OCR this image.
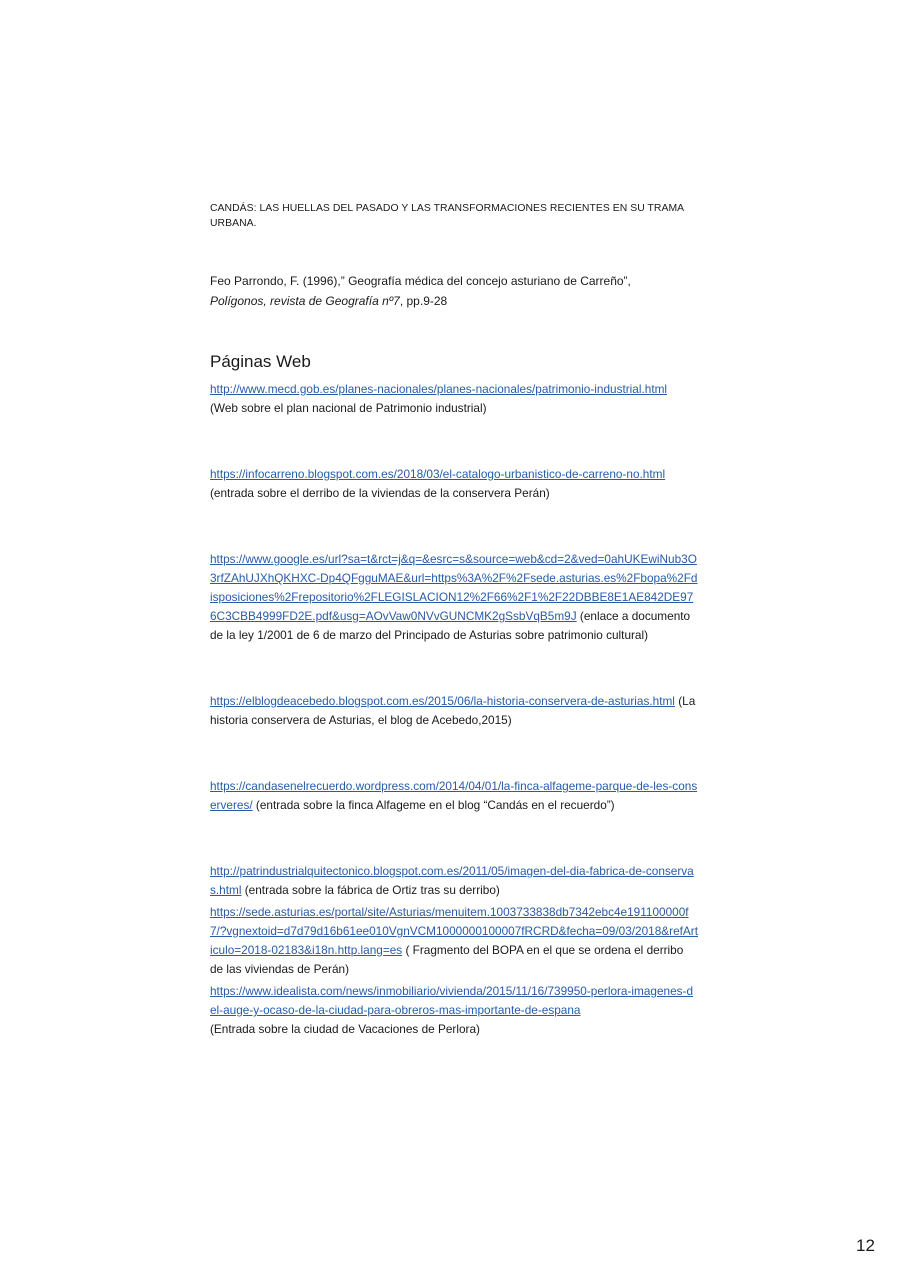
CANDÁS: LAS HUELLAS DEL PASADO Y LAS TRANSFORMACIONES RECIENTES EN SU TRAMA URBANA.

Feo Parrondo, F. (1996),” Geografía médica del concejo asturiano de Carreño”,
Polígonos, revista de Geografía nº7, pp.9-28

Páginas Web
http://www.mecd.gob.es/planes-nacionales/planes-nacionales/patrimonio-industrial.html (Web sobre el plan nacional de Patrimonio industrial)
https://infocarreno.blogspot.com.es/2018/03/el-catalogo-urbanistico-de-carreno-no.html (entrada sobre el derribo de la viviendas de la conservera Perán)
https://www.google.es/url?sa=t&rct=j&q=&esrc=s&source=web&cd=2&ved=0ahUKEwiNub3O3rfZAhUJXhQKHXC-Dp4QFgguMAE&url=https%3A%2F%2Fsede.asturias.es%2Fbopa%2Fdisposiciones%2Frepositorio%2FLEGISLACION12%2F66%2F1%2F22DBBE8E1AE842DE976C3CBB4999FD2E.pdf&usg=AOvVaw0NVvGUNCMK2gSsbVqB5m9J (enlace a documento de la ley 1/2001 de 6 de marzo del Principado de Asturias sobre patrimonio cultural)
https://elblogdeacebedo.blogspot.com.es/2015/06/la-historia-conservera-de-asturias.html (La historia conservera de Asturias, el blog de Acebedo,2015)
https://candasenelrecuerdo.wordpress.com/2014/04/01/la-finca-alfageme-parque-de-les-conserveres/ (entrada sobre la finca Alfageme en el blog “Candás en el recuerdo”)
http://patrindustrialquitectonico.blogspot.com.es/2011/05/imagen-del-dia-fabrica-de-conservas.html (entrada sobre la fábrica de Ortiz tras su derribo)
https://sede.asturias.es/portal/site/Asturias/menuitem.1003733838db7342ebc4e191100000f7/?vgnextoid=d7d79d16b61ee010VgnVCM1000000100007fRCRD&fecha=09/03/2018&refArticulo=2018-02183&i18n.http.lang=es ( Fragmento del BOPA en el que se ordena el derribo de las viviendas de Perán)
https://www.idealista.com/news/inmobiliario/vivienda/2015/11/16/739950-perlora-imagenes-del-auge-y-ocaso-de-la-ciudad-para-obreros-mas-importante-de-espana
(Entrada sobre la ciudad de Vacaciones de Perlora)
12
